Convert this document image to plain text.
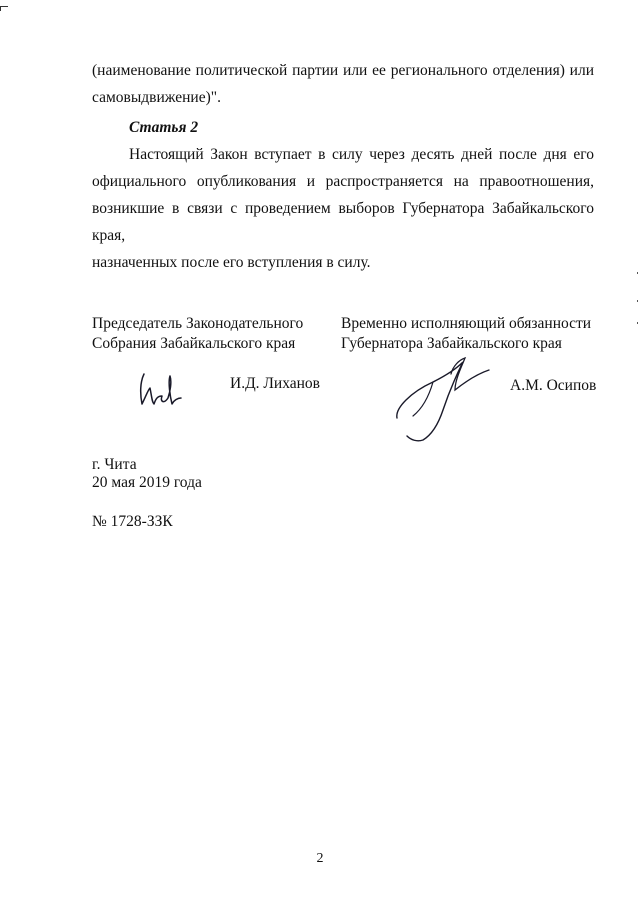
(наименование политической партии или ее регионального отделения) или
самовыдвижение)".

Статья 2

Настоящий Закон вступает в силу через десять дней после дня его
официального опубликования и распространяется на правоотношения,
возникшие в связи с проведением выборов Губернатора Забайкальского края,
назначенных после его вступления в силу.

Председатель Законодательного
Собрания Забайкальского края
Временно исполняющий обязанности
Губернатора Забайкальского края
И.Д. Лиханов	А.М. Осипов
г. Чита
20 мая 2019 года
№ 1728-ЗЗК
2
